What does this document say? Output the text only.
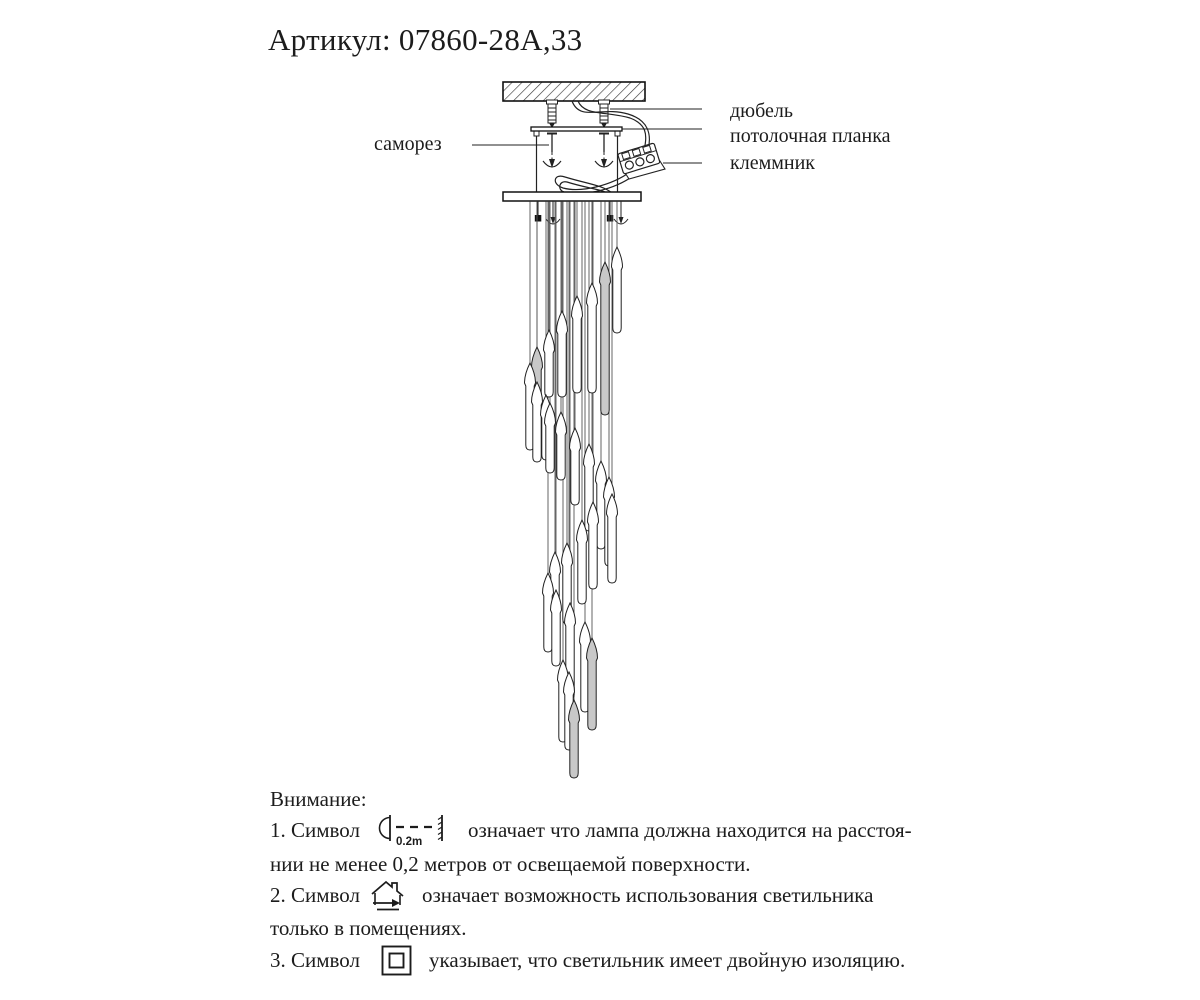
Артикул: 07860-28A,33
саморез
дюбель
потолочная планка
клеммник
Внимание:
1. Символ
0.2m
означает что лампа должна находится на расстоя-
нии не менее 0,2 метров от освещаемой поверхности.
2. Символ	означает возможность использования светильника
только в помещениях.
3. Символ	указывает, что светильник имеет двойную изоляцию.
